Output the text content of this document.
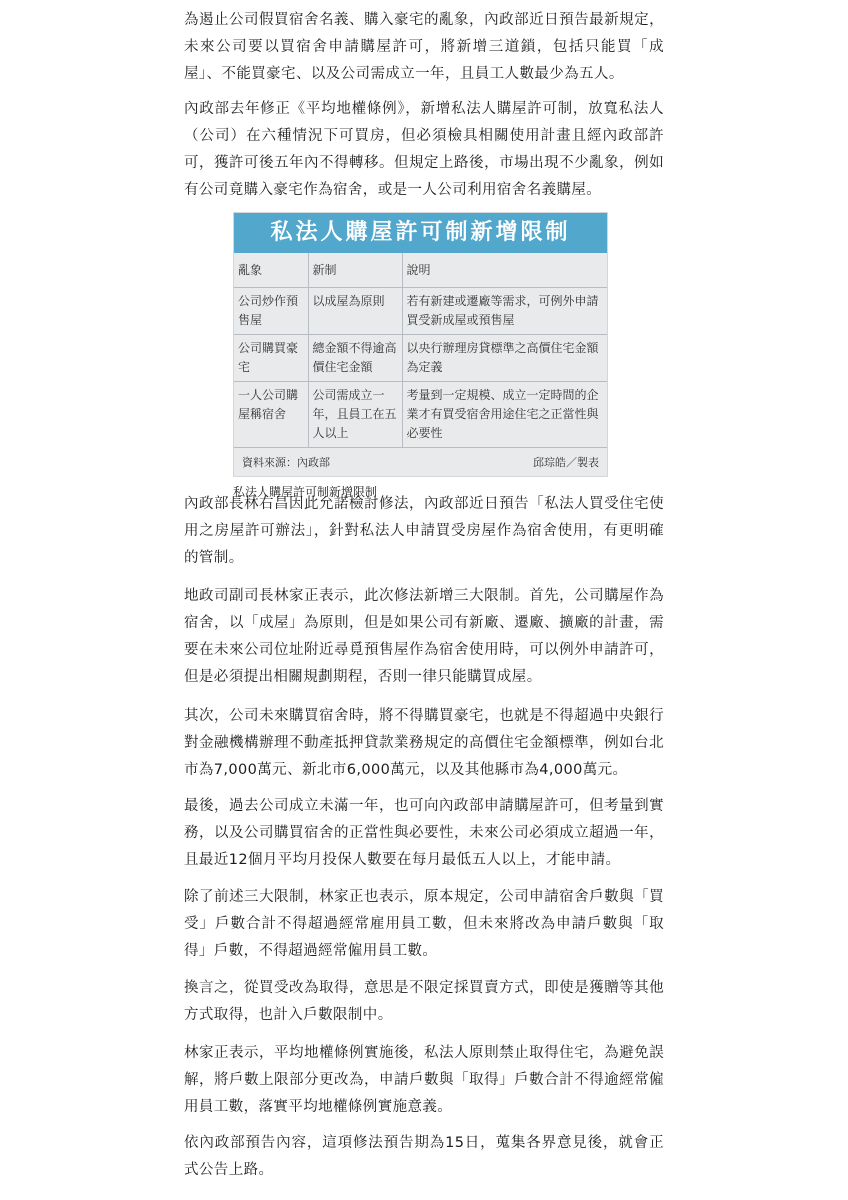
為遏止公司假買宿舍名義、購入豪宅的亂象，內政部近日預告最新規定，未來公司要以買宿舍申請購屋許可，將新增三道鎖，包括只能買「成屋」、不能買豪宅、以及公司需成立一年，且員工人數最少為五人。

內政部去年修正《平均地權條例》，新增私法人購屋許可制，放寬私法人（公司）在六種情況下可買房，但必須檢具相關使用計畫且經內政部許可，獲許可後五年內不得轉移。但規定上路後，市場出現不少亂象，例如有公司竟購入豪宅作為宿舍，或是一人公司利用宿舍名義購屋。

私法人購屋許可制新增限制
亂象	新制	說明
公司炒作預售屋	以成屋為原則	若有新建或遷廠等需求，可例外申請買受新成屋或預售屋
公司購買豪宅	總金額不得逾高價住宅金額	以央行辦理房貸標準之高價住宅金額為定義
一人公司購屋稱宿舍	公司需成立一年，且員工在五人以上	考量到一定規模、成立一定時間的企業才有買受宿舍用途住宅之正當性與必要性
資料來源：內政部	邱琮皓／製表
私法人購屋許可制新增限制

內政部長林右昌因此允諾檢討修法，內政部近日預告「私法人買受住宅使用之房屋許可辦法」，針對私法人申請買受房屋作為宿舍使用，有更明確的管制。

地政司副司長林家正表示，此次修法新增三大限制。首先，公司購屋作為宿舍，以「成屋」為原則，但是如果公司有新廠、遷廠、擴廠的計畫，需要在未來公司位址附近尋覓預售屋作為宿舍使用時，可以例外申請許可，但是必須提出相關規劃期程，否則一律只能購買成屋。

其次，公司未來購買宿舍時，將不得購買豪宅，也就是不得超過中央銀行對金融機構辦理不動產抵押貸款業務規定的高價住宅金額標準，例如台北市為7,000萬元、新北市6,000萬元，以及其他縣市為4,000萬元。

最後，過去公司成立未滿一年，也可向內政部申請購屋許可，但考量到實務，以及公司購買宿舍的正當性與必要性，未來公司必須成立超過一年，且最近12個月平均月投保人數要在每月最低五人以上，才能申請。

除了前述三大限制，林家正也表示，原本規定，公司申請宿舍戶數與「買受」戶數合計不得超過經常雇用員工數，但未來將改為申請戶數與「取得」戶數，不得超過經常僱用員工數。

換言之，從買受改為取得，意思是不限定採買賣方式，即使是獲贈等其他方式取得，也計入戶數限制中。

林家正表示，平均地權條例實施後，私法人原則禁止取得住宅，為避免誤解，將戶數上限部分更改為，申請戶數與「取得」戶數合計不得逾經常僱用員工數，落實平均地權條例實施意義。

依內政部預告內容，這項修法預告期為15日，蒐集各界意見後，就會正式公告上路。
